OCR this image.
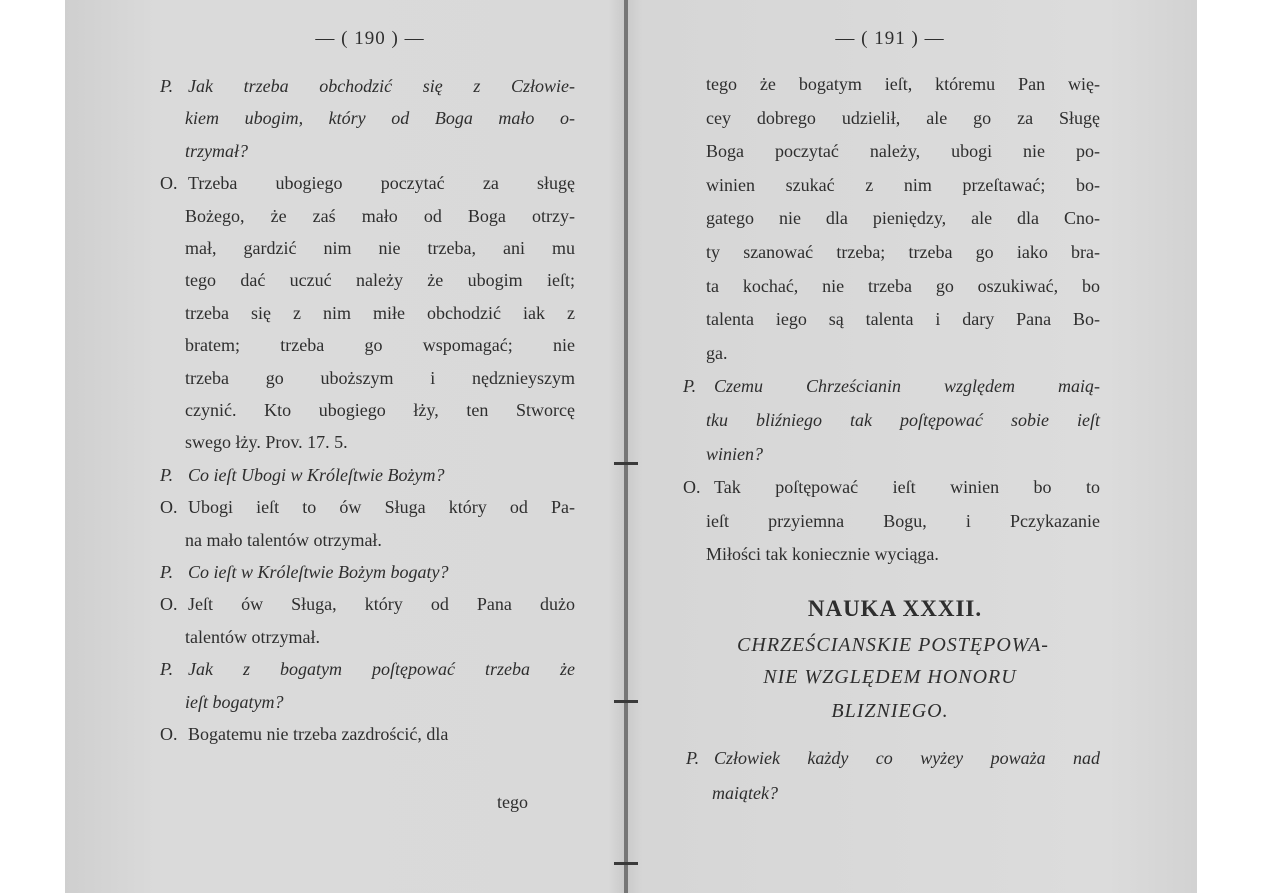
— ( 190 ) —
tego
P. Jak trzeba obchodzić się z Człowie-
kiem ubogim, który od Boga mało o-
trzymał?
O. Trzeba ubogiego poczytać za sługę
Bożego, że zaś mało od Boga otrzy-
mał, gardzić nim nie trzeba, ani mu
tego dać uczuć należy że ubogim ieſt;
trzeba się z nim miłe obchodzić iak z
bratem; trzeba go wspomagać; nie
trzeba go uboższym i nędznieyszym
czynić. Kto ubogiego łży, ten Stworcę
swego łży. Prov. 17. 5.
P. Co ieſt Ubogi w Króleſtwie Bożym?
O. Ubogi ieſt to ów Sługa który od Pa-
na mało talentów otrzymał.
P. Co ieſt w Króleſtwie Bożym bogaty?
O. Jeſt ów Sługa, który od Pana dużo
talentów otrzymał.
P. Jak z bogatym poſtępować trzeba że
ieſt bogatym?
O. Bogatemu nie trzeba zazdrościć, dla
— ( 191 ) —
NAUKA XXXII.
CHRZEŚCIANSKIE POSTĘPOWA-
NIE WZGLĘDEM HONORU
BLIZNIEGO.
tego że bogatym ieſt, któremu Pan wię-
cey dobrego udzielił, ale go za Sługę
Boga poczytać należy, ubogi nie po-
winien szukać z nim przeſtawać; bo-
gatego nie dla pieniędzy, ale dla Cno-
ty szanować trzeba; trzeba go iako bra-
ta kochać, nie trzeba go oszukiwać, bo
talenta iego są talenta i dary Pana Bo-
ga.
P. Czemu Chrześcianin względem maią-
tku bliźniego tak poſtępować sobie ieſt
winien?
O. Tak poſtępować ieſt winien bo to
ieſt przyiemna Bogu, i Pczykazanie
Miłości tak koniecznie wyciąga.
P. Człowiek każdy co wyżey poważa nad
maiątek?
